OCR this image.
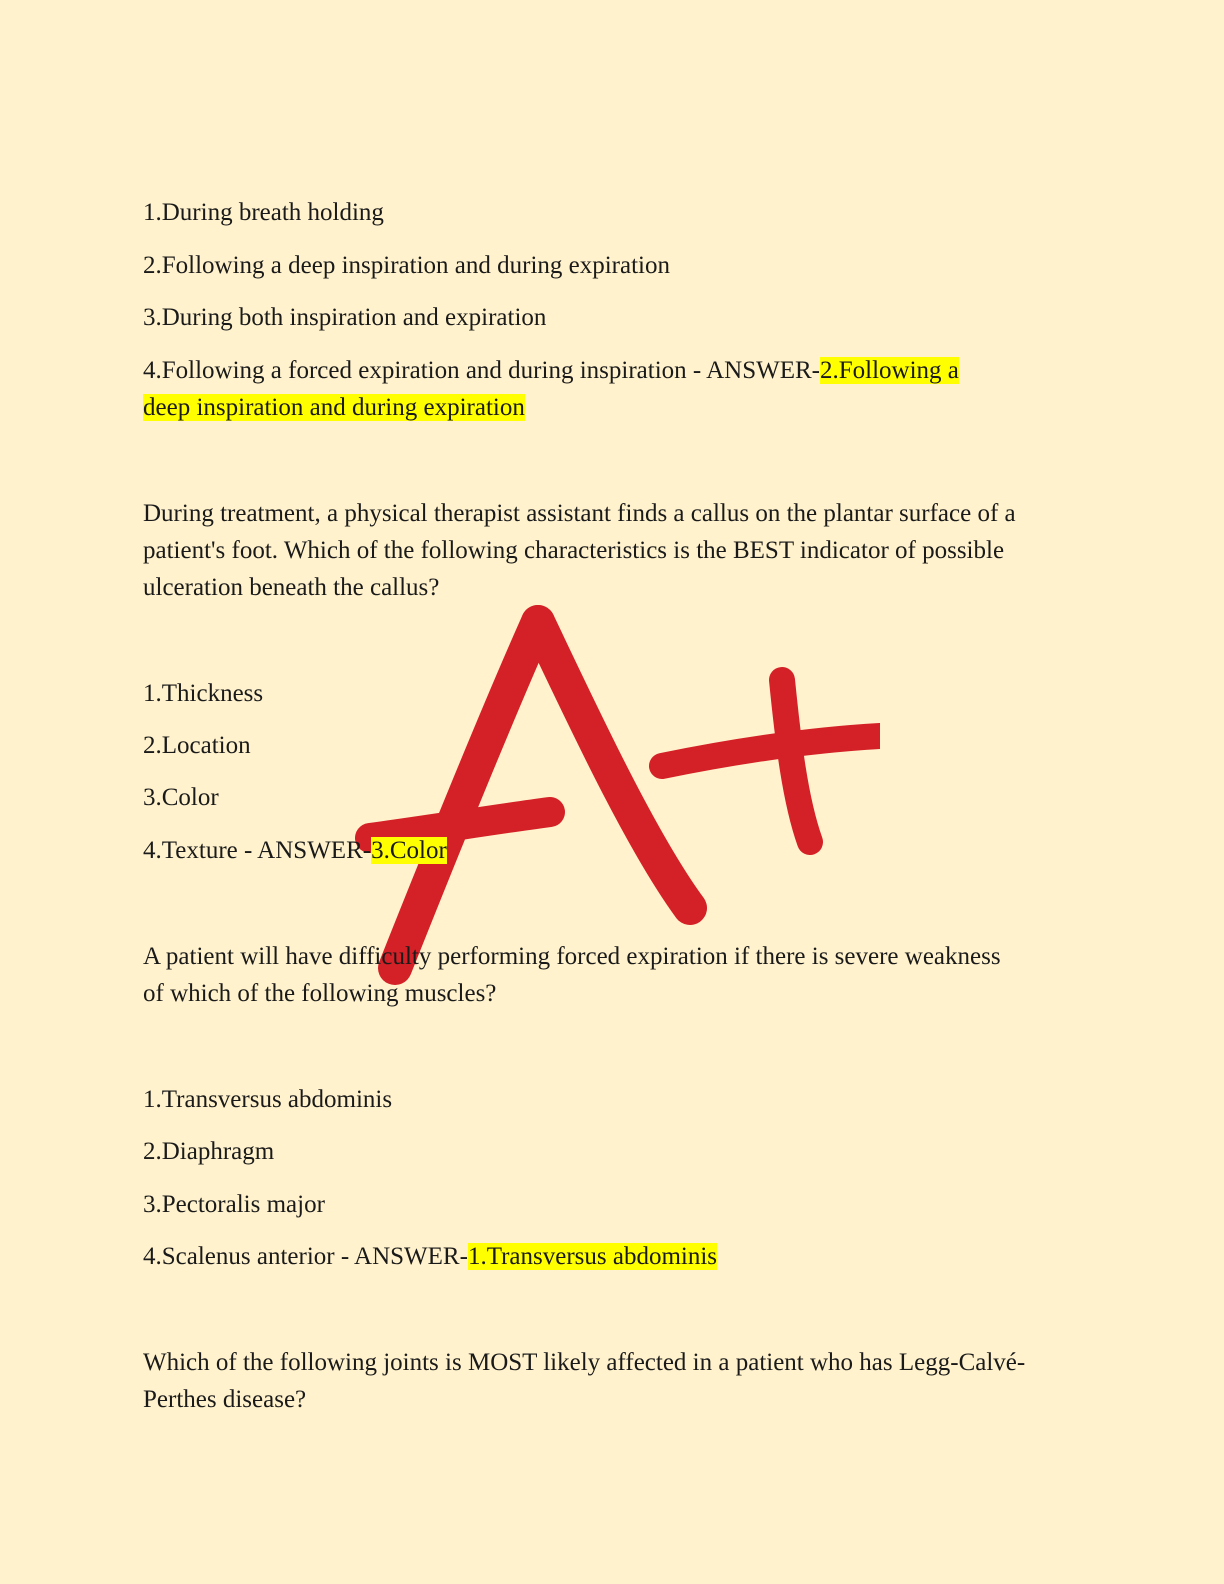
1.During breath holding
2.Following a deep inspiration and during expiration
3.During both inspiration and expiration
4.Following a forced expiration and during inspiration - ANSWER-2.Following a
deep inspiration and during expiration
During treatment, a physical therapist assistant finds a callus on the plantar surface of a patient's foot. Which of the following characteristics is the BEST indicator of possible ulceration beneath the callus?
1.Thickness
2.Location
3.Color
4.Texture - ANSWER-3.Color
A patient will have difficulty performing forced expiration if there is severe weakness of which of the following muscles?
1.Transversus abdominis
2.Diaphragm
3.Pectoralis major
4.Scalenus anterior - ANSWER-1.Transversus abdominis
Which of the following joints is MOST likely affected in a patient who has Legg-Calvé-Perthes disease?
